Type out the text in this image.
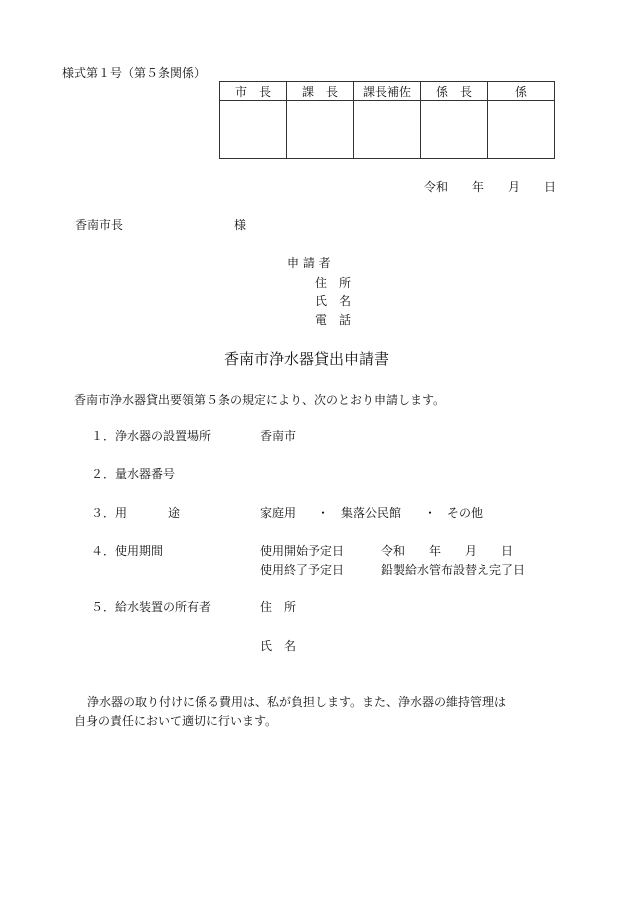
様式第１号（第５条関係）
市　長	課　長	課長補佐	係　長	係

令和　　年　　月　　日
香南市長	様
申 請 者
住　所
氏　名
電　話
香南市浄水器貸出申請書
香南市浄水器貸出要領第５条の規定により、次のとおり申請します。
１．浄水器の設置場所	香南市
２．量水器番号
３．用	途	家庭用 ・ 集落公民館 ・ その他
４．使用期間	使用開始予定日	令和　　年　　月　　日
使用終了予定日	鉛製給水管布設替え完了日
５．給水装置の所有者	住　所
氏　名
浄水器の取り付けに係る費用は、私が負担します。また、浄水器の維持管理は
自身の責任において適切に行います。
